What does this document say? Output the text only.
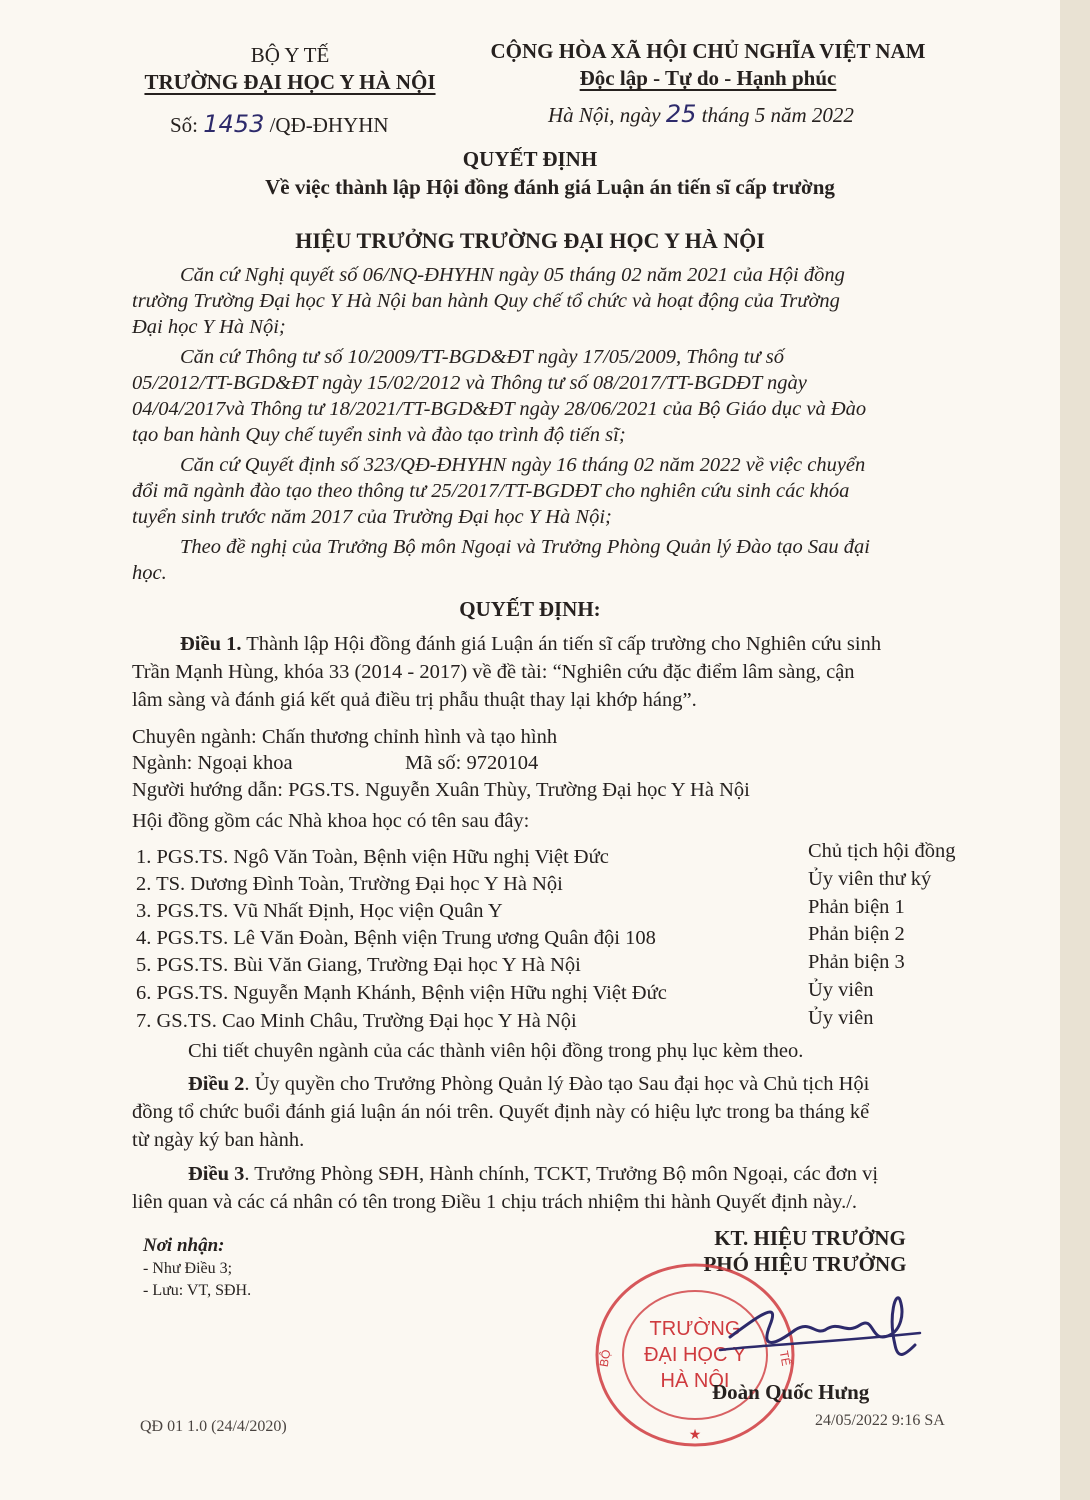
BỘ Y TẾ
TRƯỜNG ĐẠI HỌC Y HÀ NỘI
Số: 1453 /QĐ-ĐHYHN
CỘNG HÒA XÃ HỘI CHỦ NGHĨA VIỆT NAM
Độc lập - Tự do - Hạnh phúc
Hà Nội, ngày 25 tháng 5 năm 2022
QUYẾT ĐỊNH
Về việc thành lập Hội đồng đánh giá Luận án tiến sĩ cấp trường
HIỆU TRƯỞNG TRƯỜNG ĐẠI HỌC Y HÀ NỘI
Căn cứ Nghị quyết số 06/NQ-ĐHYHN ngày 05 tháng 02 năm 2021 của Hội đồng
trường Trường Đại học Y Hà Nội ban hành Quy chế tổ chức và hoạt động của Trường
Đại học Y Hà Nội;
Căn cứ Thông tư số 10/2009/TT-BGD&ĐT ngày 17/05/2009, Thông tư số
05/2012/TT-BGD&ĐT ngày 15/02/2012 và Thông tư số 08/2017/TT-BGDĐT ngày
04/04/2017và Thông tư 18/2021/TT-BGD&ĐT ngày 28/06/2021 của Bộ Giáo dục và Đào
tạo ban hành Quy chế tuyển sinh và đào tạo trình độ tiến sĩ;
Căn cứ Quyết định số 323/QĐ-ĐHYHN ngày 16 tháng 02 năm 2022 về việc chuyển
đổi mã ngành đào tạo theo thông tư 25/2017/TT-BGDĐT cho nghiên cứu sinh các khóa
tuyển sinh trước năm 2017 của Trường Đại học Y Hà Nội;
Theo đề nghị của Trưởng Bộ môn Ngoại và Trưởng Phòng Quản lý Đào tạo Sau đại
học.
QUYẾT ĐỊNH:
Điều 1. Thành lập Hội đồng đánh giá Luận án tiến sĩ cấp trường cho Nghiên cứu sinh
Trần Mạnh Hùng, khóa 33 (2014 - 2017) về đề tài: “Nghiên cứu đặc điểm lâm sàng, cận
lâm sàng và đánh giá kết quả điều trị phẫu thuật thay lại khớp háng”.
Chuyên ngành: Chấn thương chỉnh hình và tạo hình
Ngành: Ngoại khoa	Mã số: 9720104
Người hướng dẫn: PGS.TS. Nguyễn Xuân Thùy, Trường Đại học Y Hà Nội
Hội đồng gồm các Nhà khoa học có tên sau đây:
1. PGS.TS. Ngô Văn Toàn, Bệnh viện Hữu nghị Việt Đức	Chủ tịch hội đồng
2. TS. Dương Đình Toàn, Trường Đại học Y Hà Nội	Ủy viên thư ký
3. PGS.TS. Vũ Nhất Định, Học viện Quân Y	Phản biện 1
4. PGS.TS. Lê Văn Đoàn, Bệnh viện Trung ương Quân đội 108	Phản biện 2
5. PGS.TS. Bùi Văn Giang, Trường Đại học Y Hà Nội	Phản biện 3
6. PGS.TS. Nguyễn Mạnh Khánh, Bệnh viện Hữu nghị Việt Đức	Ủy viên
7. GS.TS. Cao Minh Châu, Trường Đại học Y Hà Nội	Ủy viên
Chi tiết chuyên ngành của các thành viên hội đồng trong phụ lục kèm theo.
Điều 2. Ủy quyền cho Trưởng Phòng Quản lý Đào tạo Sau đại học và Chủ tịch Hội
đồng tổ chức buổi đánh giá luận án nói trên. Quyết định này có hiệu lực trong ba tháng kể
từ ngày ký ban hành.
Điều 3. Trưởng Phòng SĐH, Hành chính, TCKT, Trưởng Bộ môn Ngoại, các đơn vị
liên quan và các cá nhân có tên trong Điều 1 chịu trách nhiệm thi hành Quyết định này./.
Nơi nhận:
- Như Điều 3;
- Lưu: VT, SĐH.
KT. HIỆU TRƯỞNG
PHÓ HIỆU TRƯỞNG
TRƯỜNG
ĐẠI HỌC Y
HÀ NỘI
BỘ	TẾ
★
Đoàn Quốc Hưng
QĐ 01 1.0 (24/4/2020)	24/05/2022 9:16 SA
